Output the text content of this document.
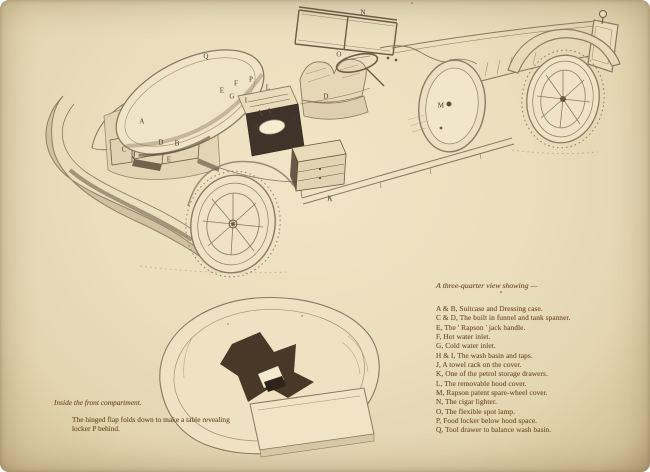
N
O
Q
P
F
E	L
G I	D
J
H
A
D B
C
E
K
M
Inside the front compartment.
The hinged flap folds down to make a table revealing locker P behind.
A three-quarter view showing —
*
A & B, Suitcase and Dressing case.
C & D, The built in funnel and tank spanner.
E, The ' Rapson ' jack handle.
F, Hot water inlet.
G, Cold water inlet.
H & I, The wash basin and taps.
J, A towel rack on the cover.
K, One of the petrol storage drawers.
L, The removable hood cover.
M, Rapson patent spare-wheel cover.
N, The cigar lighter.
O, The flexible spot lamp.
P, Food locker below hood space.
Q, Tool drawer to balance wash basin.
